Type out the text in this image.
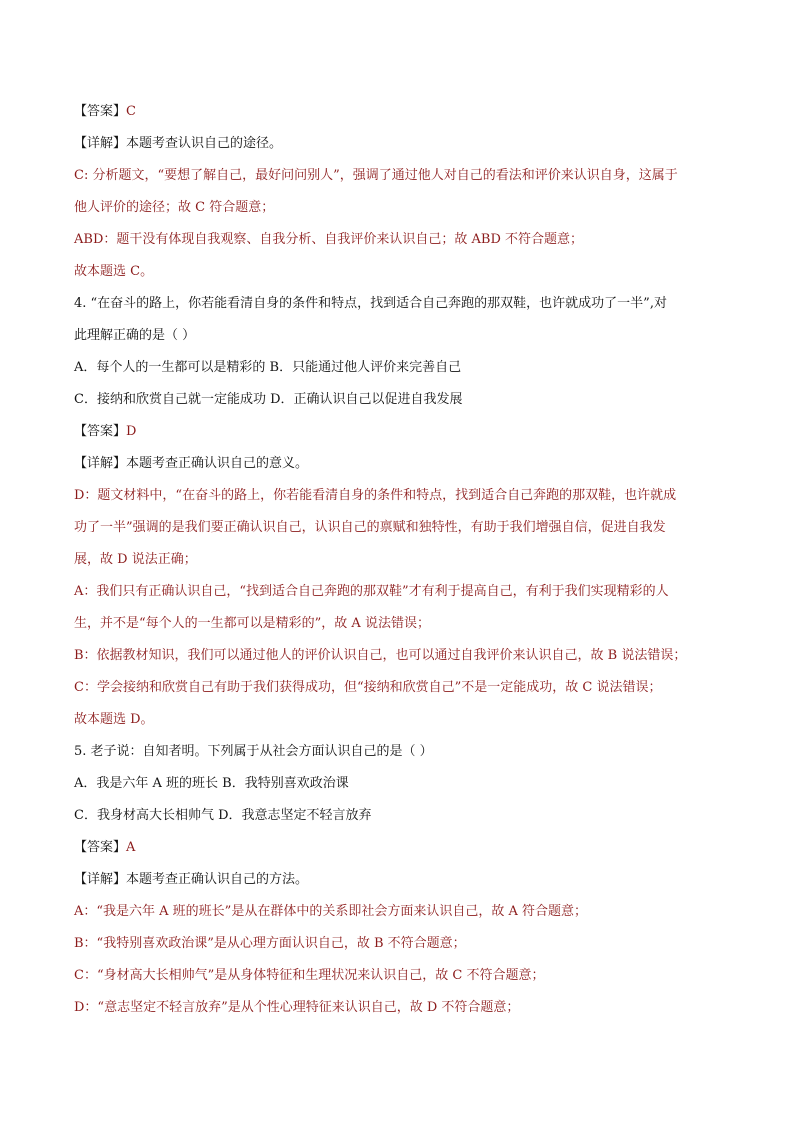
【答案】C
【详解】本题考查认识自己的途径。
C: 分析题文，“要想了解自己，最好问问别人”，强调了通过他人对自己的看法和评价来认识自身，这属于
他人评价的途径；故 C 符合题意；
ABD：题干没有体现自我观察、自我分析、自我评价来认识自己；故 ABD 不符合题意；
故本题选 C。
4. “在奋斗的路上，你若能看清自身的条件和特点，找到适合自己奔跑的那双鞋，也许就成功了一半”,对
此理解正确的是（ ）
A．每个人的一生都可以是精彩的 B．只能通过他人评价来完善自己
C．接纳和欣赏自己就一定能成功 D．正确认识自己以促进自我发展
【答案】D
【详解】本题考查正确认识自己的意义。
D：题文材料中，“在奋斗的路上，你若能看清自身的条件和特点，找到适合自己奔跑的那双鞋，也许就成
功了一半”强调的是我们要正确认识自己，认识自己的禀赋和独特性，有助于我们增强自信，促进自我发
展，故 D 说法正确；
A：我们只有正确认识自己，“找到适合自己奔跑的那双鞋”才有利于提高自己，有利于我们实现精彩的人
生，并不是“每个人的一生都可以是精彩的”，故 A 说法错误；
B：依据教材知识，我们可以通过他人的评价认识自己，也可以通过自我评价来认识自己，故 B 说法错误；
C：学会接纳和欣赏自己有助于我们获得成功，但“接纳和欣赏自己”不是一定能成功，故 C 说法错误；
故本题选 D。
5. 老子说：自知者明。下列属于从社会方面认识自己的是（ ）
A．我是六年 A 班的班长 B．我特别喜欢政治课
C．我身材高大长相帅气 D．我意志坚定不轻言放弃
【答案】A
【详解】本题考查正确认识自己的方法。
A：“我是六年 A 班的班长”是从在群体中的关系即社会方面来认识自己，故 A 符合题意；
B：“我特别喜欢政治课”是从心理方面认识自己，故 B 不符合题意；
C：“身材高大长相帅气”是从身体特征和生理状况来认识自己，故 C 不符合题意；
D：“意志坚定不轻言放弃”是从个性心理特征来认识自己，故 D 不符合题意；
